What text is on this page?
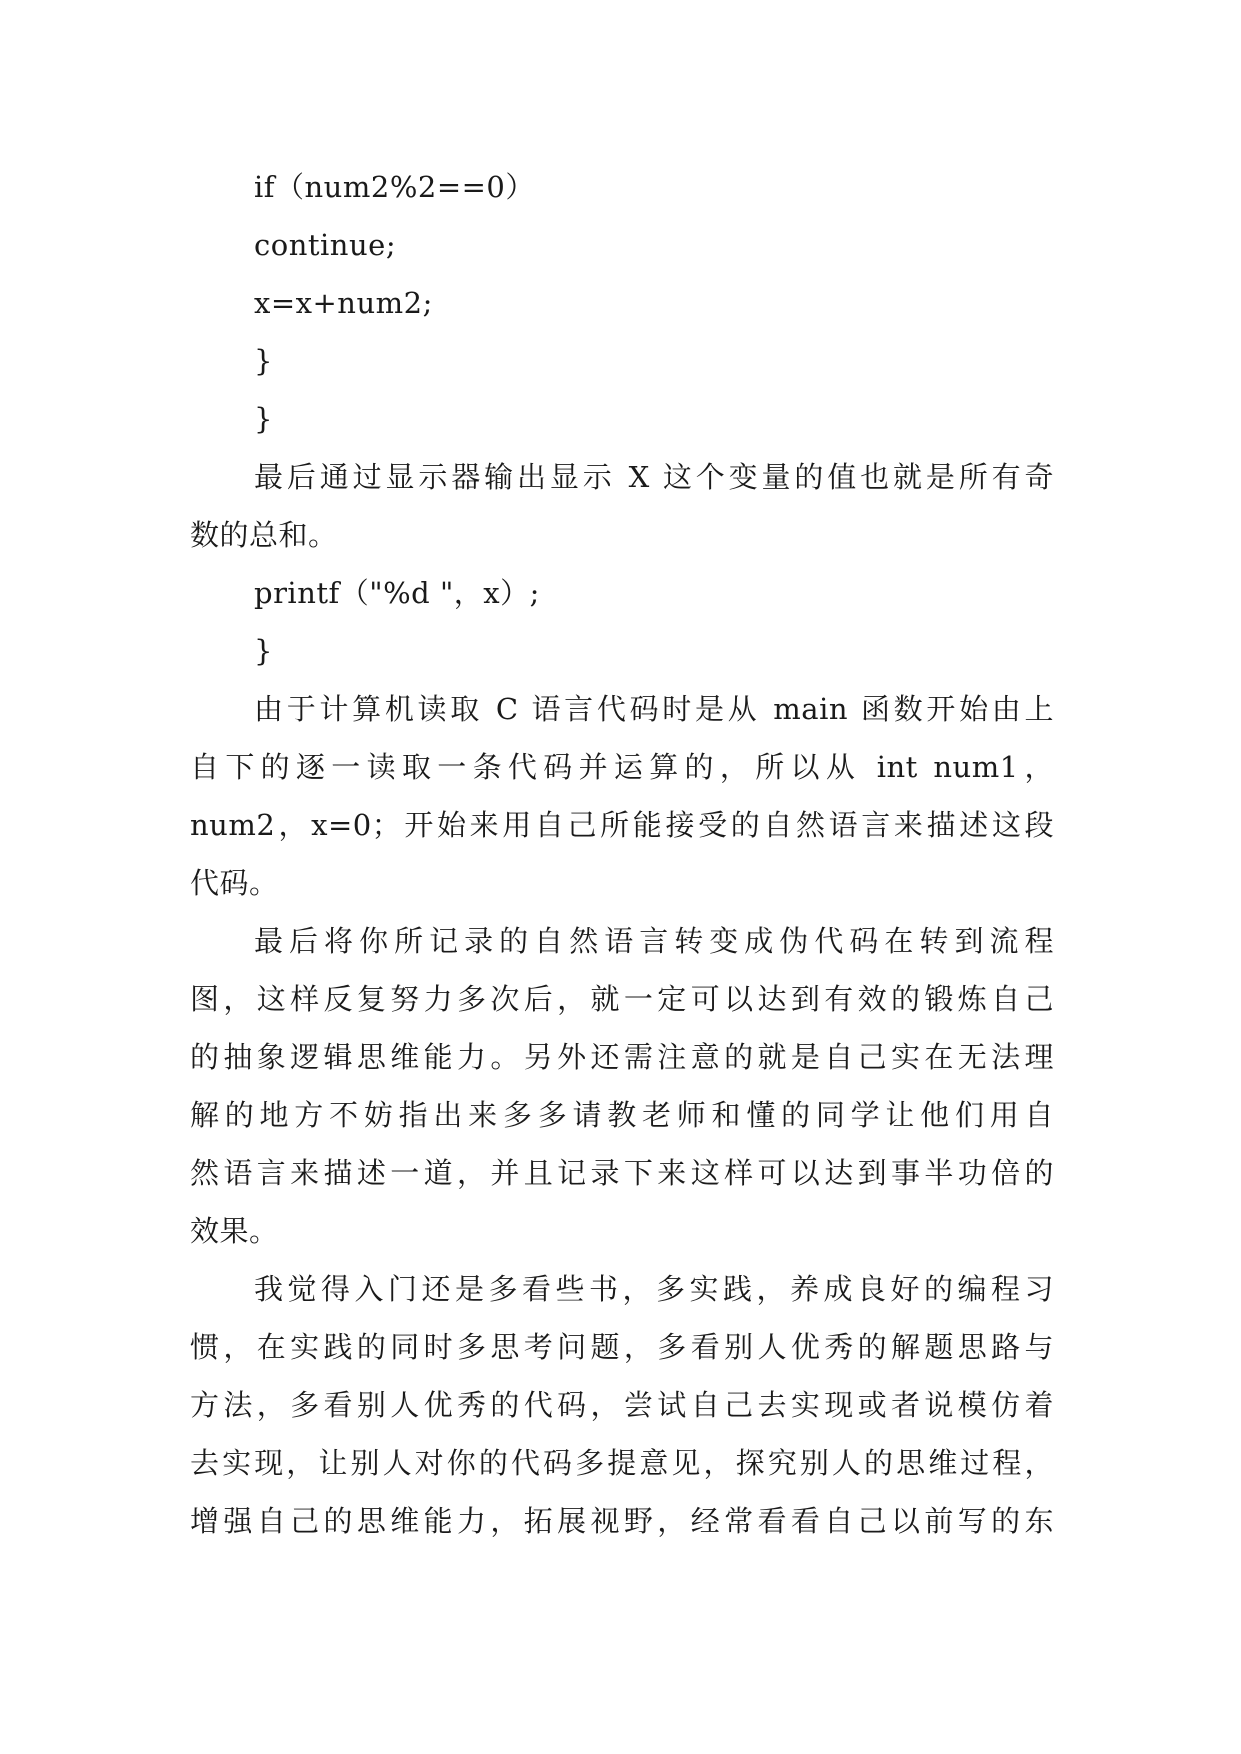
if（num2%2==0）
continue;
x=x+num2;
}
}
最后通过显示器输出显示 X 这个变量的值也就是所有奇
数的总和。
printf（"%d "，x）;
}
由于计算机读取 C 语言代码时是从 main 函数开始由上
自下的逐一读取一条代码并运算的，所以从 int num1，
num2，x=0；开始来用自己所能接受的自然语言来描述这段
代码。
最后将你所记录的自然语言转变成伪代码在转到流程
图，这样反复努力多次后，就一定可以达到有效的锻炼自己
的抽象逻辑思维能力。另外还需注意的就是自己实在无法理
解的地方不妨指出来多多请教老师和懂的同学让他们用自
然语言来描述一道，并且记录下来这样可以达到事半功倍的
效果。
我觉得入门还是多看些书，多实践，养成良好的编程习
惯，在实践的同时多思考问题，多看别人优秀的解题思路与
方法，多看别人优秀的代码，尝试自己去实现或者说模仿着
去实现，让别人对你的代码多提意见，探究别人的思维过程，
增强自己的思维能力，拓展视野，经常看看自己以前写的东
